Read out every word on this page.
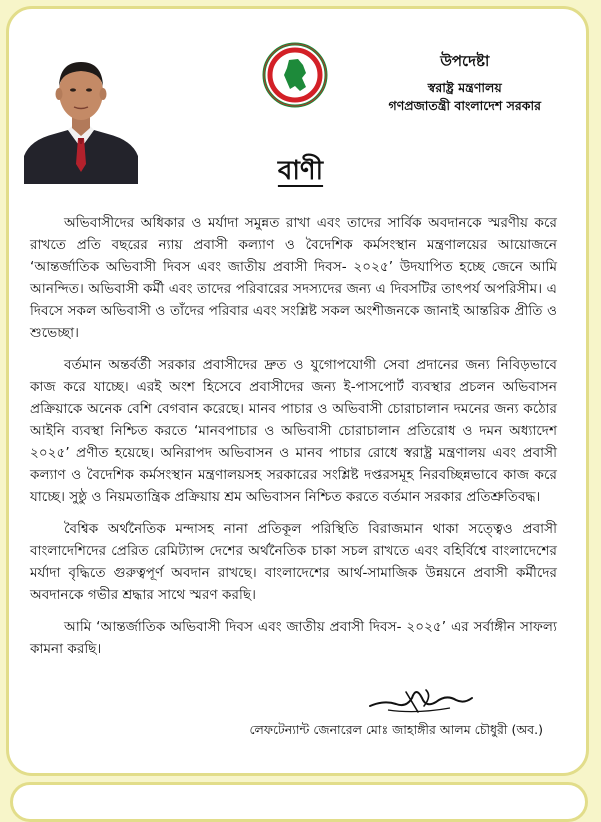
উপদেষ্টা
স্বরাষ্ট্র মন্ত্রণালয়
গণপ্রজাতন্ত্রী বাংলাদেশ সরকার
বাণী

অভিবাসীদের অধিকার ও মর্যাদা সমুন্নত রাখা এবং তাদের সার্বিক অবদানকে স্মরণীয় করে রাখতে প্রতি বছরের ন্যায় প্রবাসী কল্যাণ ও বৈদেশিক কর্মসংস্থান মন্ত্রণালয়ের আয়োজনে ‘আন্তর্জাতিক অভিবাসী দিবস এবং জাতীয় প্রবাসী দিবস- ২০২৫’ উদযাপিত হচ্ছে জেনে আমি আনন্দিত। অভিবাসী কর্মী এবং তাদের পরিবারের সদস্যদের জন্য এ দিবসটির তাৎপর্য অপরিসীম। এ দিবসে সকল অভিবাসী ও তাঁদের পরিবার এবং সংশ্লিষ্ট সকল অংশীজনকে জানাই আন্তরিক প্রীতি ও শুভেচ্ছা।

বর্তমান অন্তর্বর্তী সরকার প্রবাসীদের দ্রুত ও যুগোপযোগী সেবা প্রদানের জন্য নিবিড়ভাবে কাজ করে যাচ্ছে। এরই অংশ হিসেবে প্রবাসীদের জন্য ই-পাসপোর্ট ব্যবস্থার প্রচলন অভিবাসন প্রক্রিয়াকে অনেক বেশি বেগবান করেছে। মানব পাচার ও অভিবাসী চোরাচালান দমনের জন্য কঠোর আইনি ব্যবস্থা নিশ্চিত করতে ‘মানবপাচার ও অভিবাসী চোরাচালান প্রতিরোধ ও দমন অধ্যাদেশ ২০২৫’ প্রণীত হয়েছে। অনিরাপদ অভিবাসন ও মানব পাচার রোধে স্বরাষ্ট্র মন্ত্রণালয় এবং প্রবাসী কল্যাণ ও বৈদেশিক কর্মসংস্থান মন্ত্রণালয়সহ সরকারের সংশ্লিষ্ট দপ্তরসমূহ নিরবচ্ছিন্নভাবে কাজ করে যাচ্ছে। সুষ্ঠু ও নিয়মতান্ত্রিক প্রক্রিয়ায় শ্রম অভিবাসন নিশ্চিত করতে বর্তমান সরকার প্রতিশ্রুতিবদ্ধ।

বৈশ্বিক অর্থনৈতিক মন্দাসহ নানা প্রতিকূল পরিস্থিতি বিরাজমান থাকা সত্ত্বেও প্রবাসী বাংলাদেশিদের প্রেরিত রেমিট্যান্স দেশের অর্থনৈতিক চাকা সচল রাখতে এবং বহির্বিশ্বে বাংলাদেশের মর্যাদা বৃদ্ধিতে গুরুত্বপূর্ণ অবদান রাখছে। বাংলাদেশের আর্থ-সামাজিক উন্নয়নে প্রবাসী কর্মীদের অবদানকে গভীর শ্রদ্ধার সাথে স্মরণ করছি।

আমি ‘আন্তর্জাতিক অভিবাসী দিবস এবং জাতীয় প্রবাসী দিবস- ২০২৫’ এর সর্বাঙ্গীন সাফল্য কামনা করছি।

লেফটেন্যান্ট জেনারেল মোঃ জাহাঙ্গীর আলম চৌধুরী (অব.)
